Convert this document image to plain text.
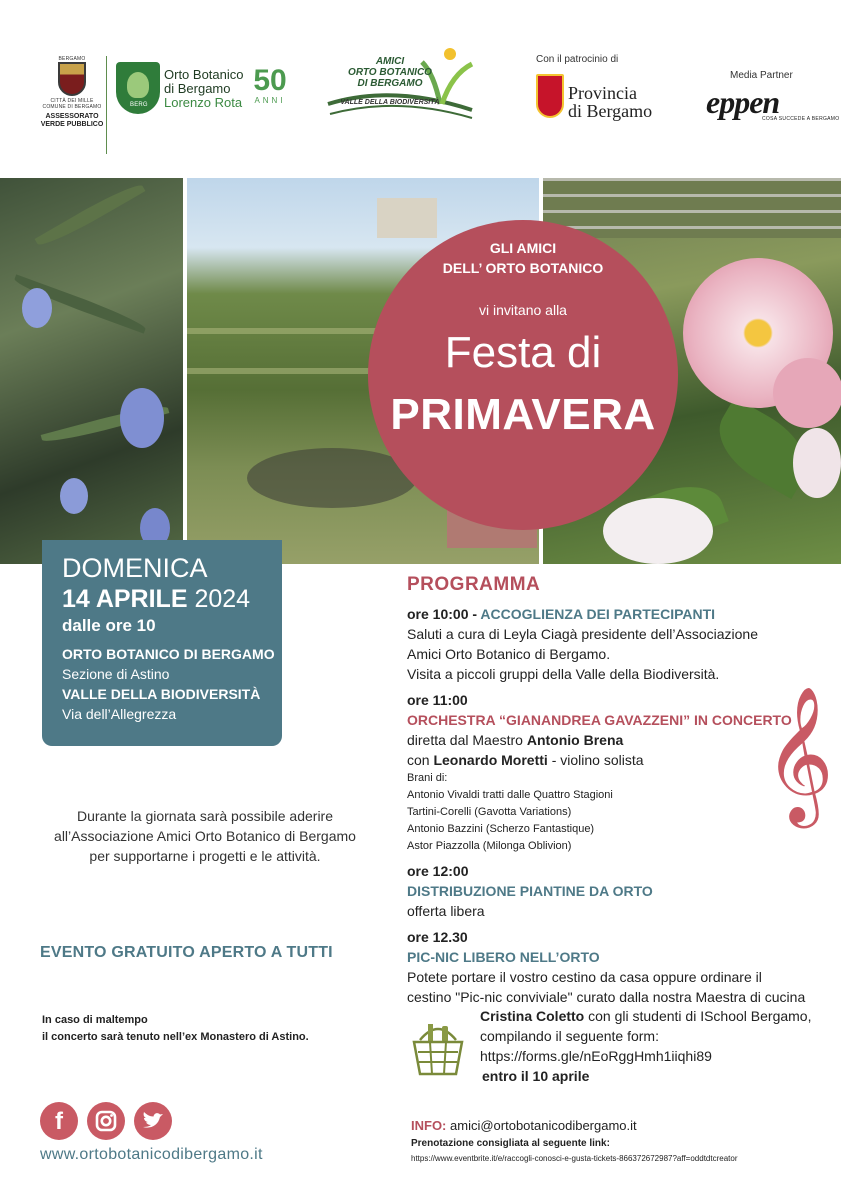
BERGAMO
CITTÀ DEI MILLE
COMUNE DI BERGAMO
ASSESSORATO
VERDE PUBBLICO
BERG
Orto Botanico
di Bergamo
Lorenzo Rota
50
ANNI
AMICI
ORTO BOTANICO
DI BERGAMO
VALLE DELLA BIODIVERSITÀ
Con il patrocinio di
Provincia
di Bergamo
Media Partner
eppen
COSA SUCCEDE A BERGAMO
GLI AMICI
DELL’ ORTO BOTANICO
vi invitano alla
Festa di
PRIMAVERA
DOMENICA
14 APRILE 2024
dalle ore 10
ORTO BOTANICO DI BERGAMO
Sezione di Astino
VALLE DELLA BIODIVERSITÀ
Via dell’Allegrezza
Durante la giornata sarà possibile aderire
all’Associazione Amici Orto Botanico di Bergamo
per supportarne i progetti e le attività.
EVENTO GRATUITO APERTO A TUTTI
In caso di maltempo
il concerto sarà tenuto nell’ex Monastero di Astino.
PROGRAMMA
ore 10:00 - ACCOGLIENZA DEI PARTECIPANTI
Saluti a cura di Leyla Ciagà presidente dell’Associazione
Amici Orto Botanico di Bergamo.
Visita a piccoli gruppi della Valle della Biodiversità.
ore 11:00
ORCHESTRA “GIANANDREA GAVAZZENI” IN CONCERTO
diretta dal Maestro Antonio Brena
con Leonardo Moretti - violino solista
Brani di:
Antonio Vivaldi tratti dalle Quattro Stagioni
Tartini-Corelli (Gavotta Variations)
Antonio Bazzini (Scherzo Fantastique)
Astor Piazzolla (Milonga Oblivion)
ore 12:00
DISTRIBUZIONE PIANTINE DA ORTO
offerta libera
ore 12.30
PIC-NIC LIBERO NELL’ORTO
Potete portare il vostro cestino da casa oppure ordinare il
cestino "Pic-nic conviviale" curato dalla nostra Maestra di cucina
𝄞
Cristina Coletto con gli studenti di ISchool Bergamo,
compilando il seguente form:
https://forms.gle/nEoRggHmh1iiqhi89
entro il 10 aprile
f
www.ortobotanicodibergamo.it
INFO: amici@ortobotanicodibergamo.it
Prenotazione consigliata al seguente link:
https://www.eventbrite.it/e/raccogli-conosci-e-gusta-tickets-866372672987?aff=oddtdtcreator
